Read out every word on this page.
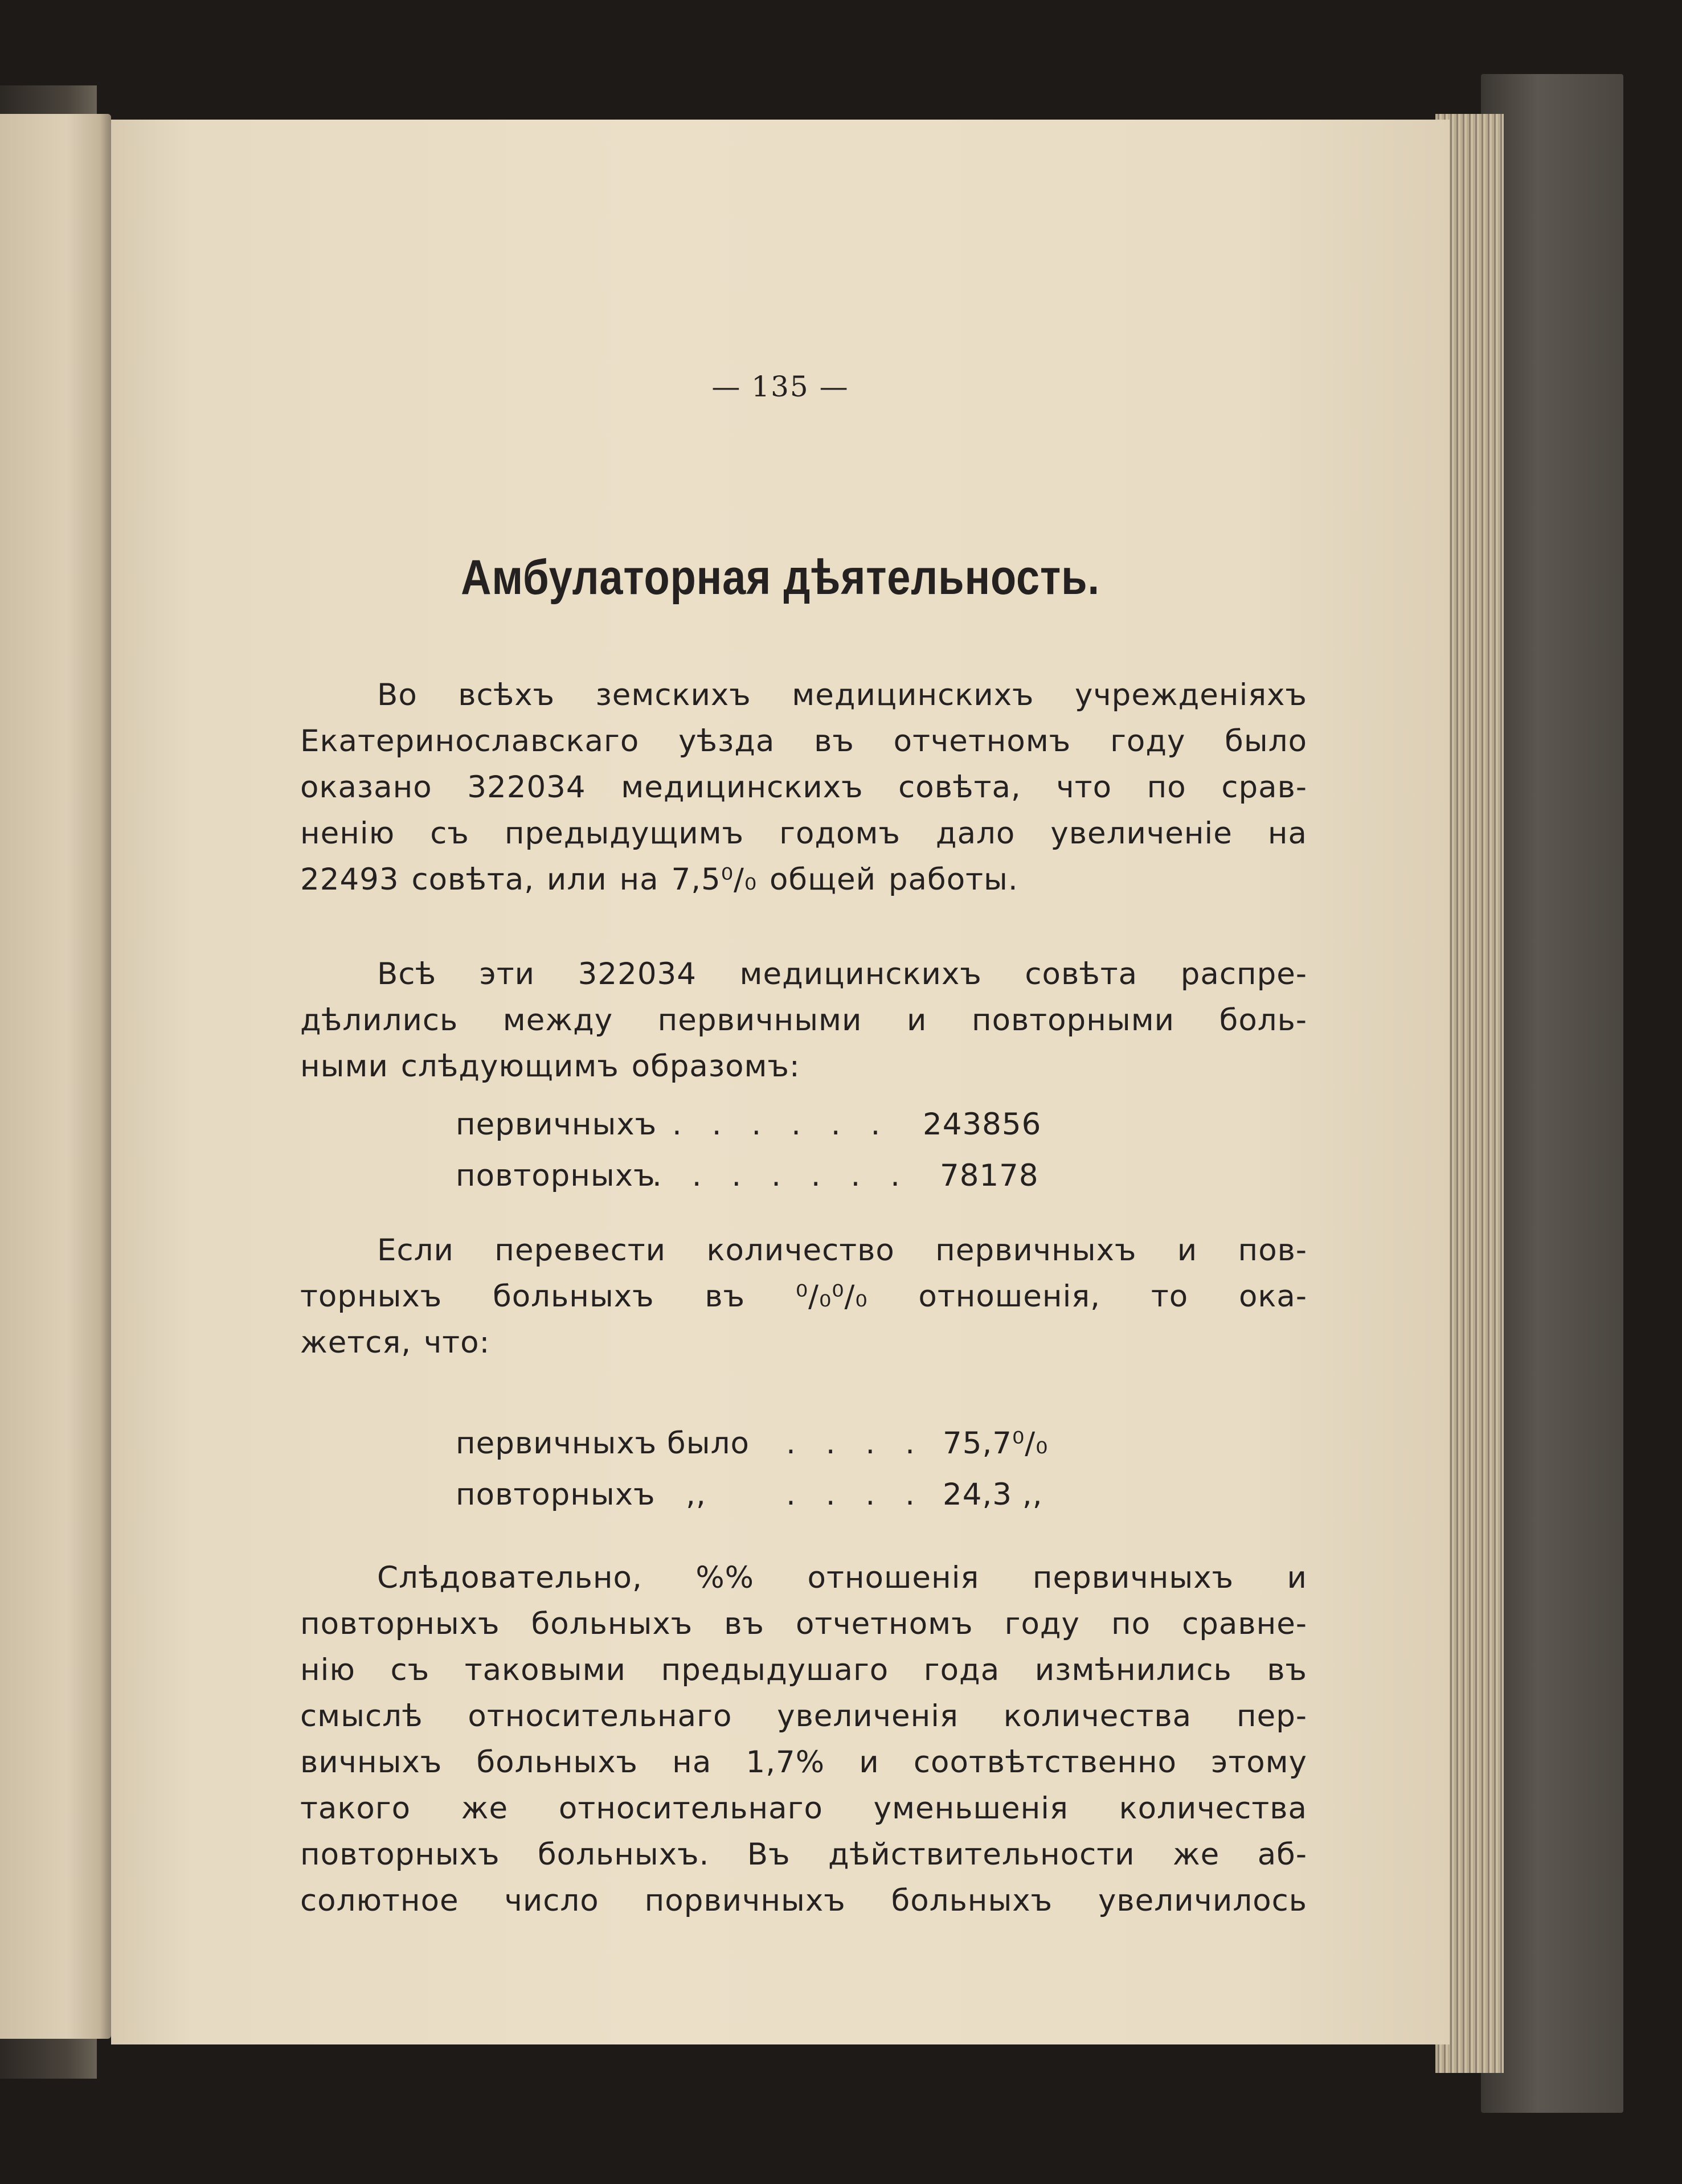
— 135 —
Амбулаторная дѣятельность.

Во всѣхъ земскихъ медицинскихъ учрежденiяхъ
Екатеринославскаго уѣзда въ отчетномъ году было
оказано 322034 медицинскихъ совѣта, что по срав-
ненiю съ предыдущимъ годомъ дало увеличенiе на
22493 совѣта, или на 7,5⁰/₀ общей работы.

Всѣ эти 322034 медицинскихъ совѣта распре-
дѣлились между первичными и повторными боль-
ными слѣдующимъ образомъ:

первичныхъ

. . . . . .

243856

повторныхъ

. . . . . . .

78178

Если перевести количество первичныхъ и пов-
торныхъ больныхъ въ ⁰/₀⁰/₀ отношенiя, то ока-
жется, что:

первичныхъ было

. . . .

75,7⁰/₀

повторныхъ   ,,

	. . . .

24,3 ,,

Слѣдовательно, %% отношенiя первичныхъ и
повторныхъ больныхъ въ отчетномъ году по сравне-
нiю съ таковыми предыдушаго года измѣнились въ
смыслѣ относительнаго увеличенiя количества пер-
вичныхъ больныхъ на 1,7% и соотвѣтственно этому
такого же относительнаго уменьшенiя количества
повторныхъ больныхъ. Въ дѣйствительности же аб-
солютное число порвичныхъ больныхъ увеличилось
